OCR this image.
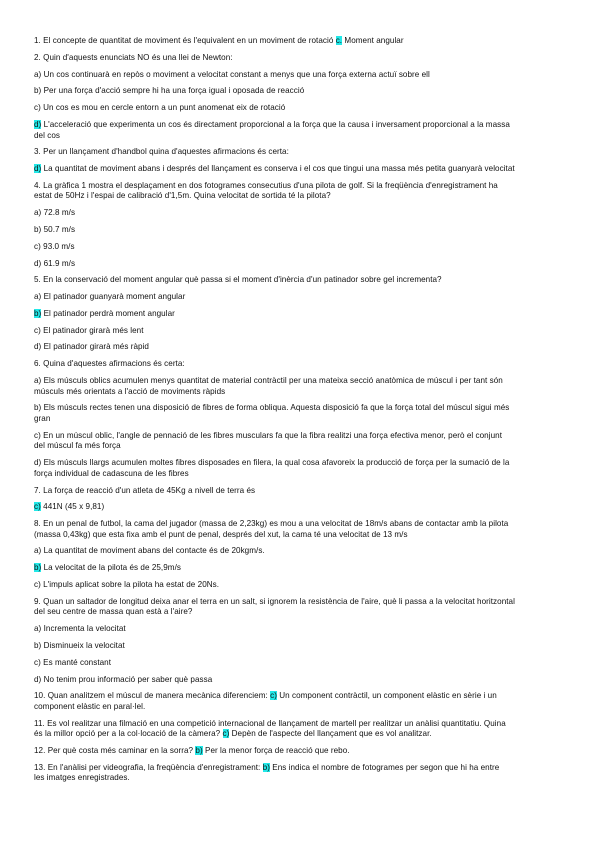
1. El concepte de quantitat de moviment és l'equivalent en un moviment de rotació c. Moment angular
2. Quin d'aquests enunciats NO és una llei de Newton:
a) Un cos continuarà en repòs o moviment a velocitat constant a menys que una força externa actuï sobre ell
b) Per una força d'acció sempre hi ha una força igual i oposada de reacció
c) Un cos es mou en cercle entorn a un punt anomenat eix de rotació
d) L'acceleració que experimenta un cos és directament proporcional a la força que la causa i inversament proporcional a la massa
del cos
3. Per un llançament d'handbol quina d'aquestes afirmacions és certa:
d) La quantitat de moviment abans i després del llançament es conserva i el cos que tingui una massa més petita guanyarà velocitat
4. La gràfica 1 mostra el desplaçament en dos fotogrames consecutius d'una pilota de golf. Si la freqüència d'enregistrament ha
estat de 50Hz i l'espai de calibració d'1,5m. Quina velocitat de sortida té la pilota?
a) 72.8 m/s
b) 50.7 m/s
c) 93.0 m/s
d) 61.9 m/s
5. En la conservació del moment angular què passa si el moment d'inèrcia d'un patinador sobre gel incrementa?
a) El patinador guanyarà moment angular
b) El patinador perdrà moment angular
c) El patinador girarà més lent
d) El patinador girarà més ràpid
6. Quina d'aquestes afirmacions és certa:
a) Els músculs oblics acumulen menys quantitat de material contràctil per una mateixa secció anatòmica de múscul i per tant són
músculs més orientats a l'acció de moviments ràpids
b) Els músculs rectes tenen una disposició de fibres de forma obliqua. Aquesta disposició fa que la força total del múscul sigui més
gran
c) En un múscul oblic, l'angle de pennació de les fibres musculars fa que la fibra realitzi una força efectiva menor, però el conjunt
del múscul fa més força
d) Els músculs llargs acumulen moltes fibres disposades en filera, la qual cosa afavoreix la producció de força per la sumació de la
força individual de cadascuna de les fibres
7. La força de reacció d'un atleta de 45Kg a nivell de terra és
c) 441N (45 x 9,81)
8. En un penal de futbol, la cama del jugador (massa de 2,23kg) es mou a una velocitat de 18m/s abans de contactar amb la pilota
(massa 0,43kg) que esta fixa amb el punt de penal, després del xut, la cama té una velocitat de 13 m/s
a) La quantitat de moviment abans del contacte és de 20kgm/s.
b) La velocitat de la pilota és de 25,9m/s
c) L'impuls aplicat sobre la pilota ha estat de 20Ns.
9. Quan un saltador de longitud deixa anar el terra en un salt, si ignorem la resistència de l'aire, què li passa a la velocitat horitzontal
del seu centre de massa quan està a l'aire?
a) Incrementa la velocitat
b) Disminueix la velocitat
c) Es manté constant
d) No tenim prou informació per saber què passa
10. Quan analitzem el múscul de manera mecànica diferenciem: c) Un component contràctil, un component elàstic en sèrie i un
component elàstic en paral·lel.
11. Es vol realitzar una filmació en una competició internacional de llançament de martell per realitzar un anàlisi quantitatiu. Quina
és la millor opció per a la col·locació de la càmera? c) Depèn de l'aspecte del llançament que es vol analitzar.
12. Per què costa més caminar en la sorra? b) Per la menor força de reacció que rebo.
13. En l'anàlisi per videografia, la freqüència d'enregistrament: b) Ens indica el nombre de fotogrames per segon que hi ha entre
les imatges enregistrades.
